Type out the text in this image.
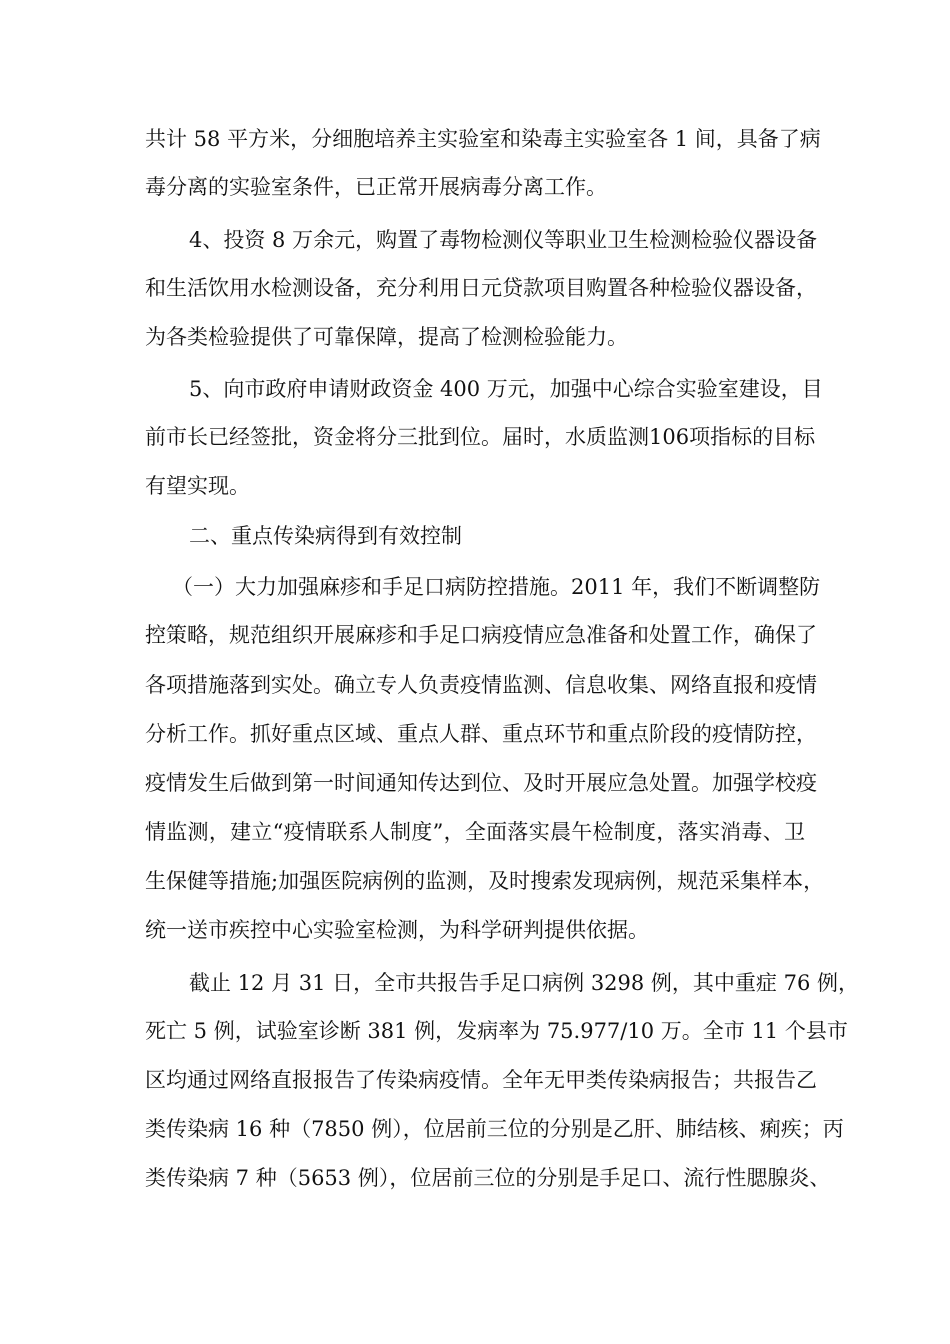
共计 58 平方米，分细胞培养主实验室和染毒主实验室各 1 间，具备了病
毒分离的实验室条件，已正常开展病毒分离工作。
4、投资 8 万余元，购置了毒物检测仪等职业卫生检测检验仪器设备
和生活饮用水检测设备，充分利用日元贷款项目购置各种检验仪器设备，
为各类检验提供了可靠保障，提高了检测检验能力。
5、向市政府申请财政资金 400 万元，加强中心综合实验室建设，目
前市长已经签批，资金将分三批到位。届时，水质监测106项指标的目标
有望实现。
二、重点传染病得到有效控制
（一）大力加强麻疹和手足口病防控措施。2011 年，我们不断调整防
控策略，规范组织开展麻疹和手足口病疫情应急准备和处置工作，确保了
各项措施落到实处。确立专人负责疫情监测、信息收集、网络直报和疫情
分析工作。抓好重点区域、重点人群、重点环节和重点阶段的疫情防控，
疫情发生后做到第一时间通知传达到位、及时开展应急处置。加强学校疫
情监测，建立“疫情联系人制度”，全面落实晨午检制度，落实消毒、卫
生保健等措施;加强医院病例的监测，及时搜索发现病例，规范采集样本，
统一送市疾控中心实验室检测，为科学研判提供依据。
截止 12 月 31 日，全市共报告手足口病例 3298 例，其中重症 76 例，
死亡 5 例，试验室诊断 381 例，发病率为 75.977/10 万。全市 11 个县市
区均通过网络直报报告了传染病疫情。全年无甲类传染病报告；共报告乙
类传染病 16 种（7850 例），位居前三位的分别是乙肝、肺结核、痢疾；丙
类传染病 7 种（5653 例），位居前三位的分别是手足口、流行性腮腺炎、
